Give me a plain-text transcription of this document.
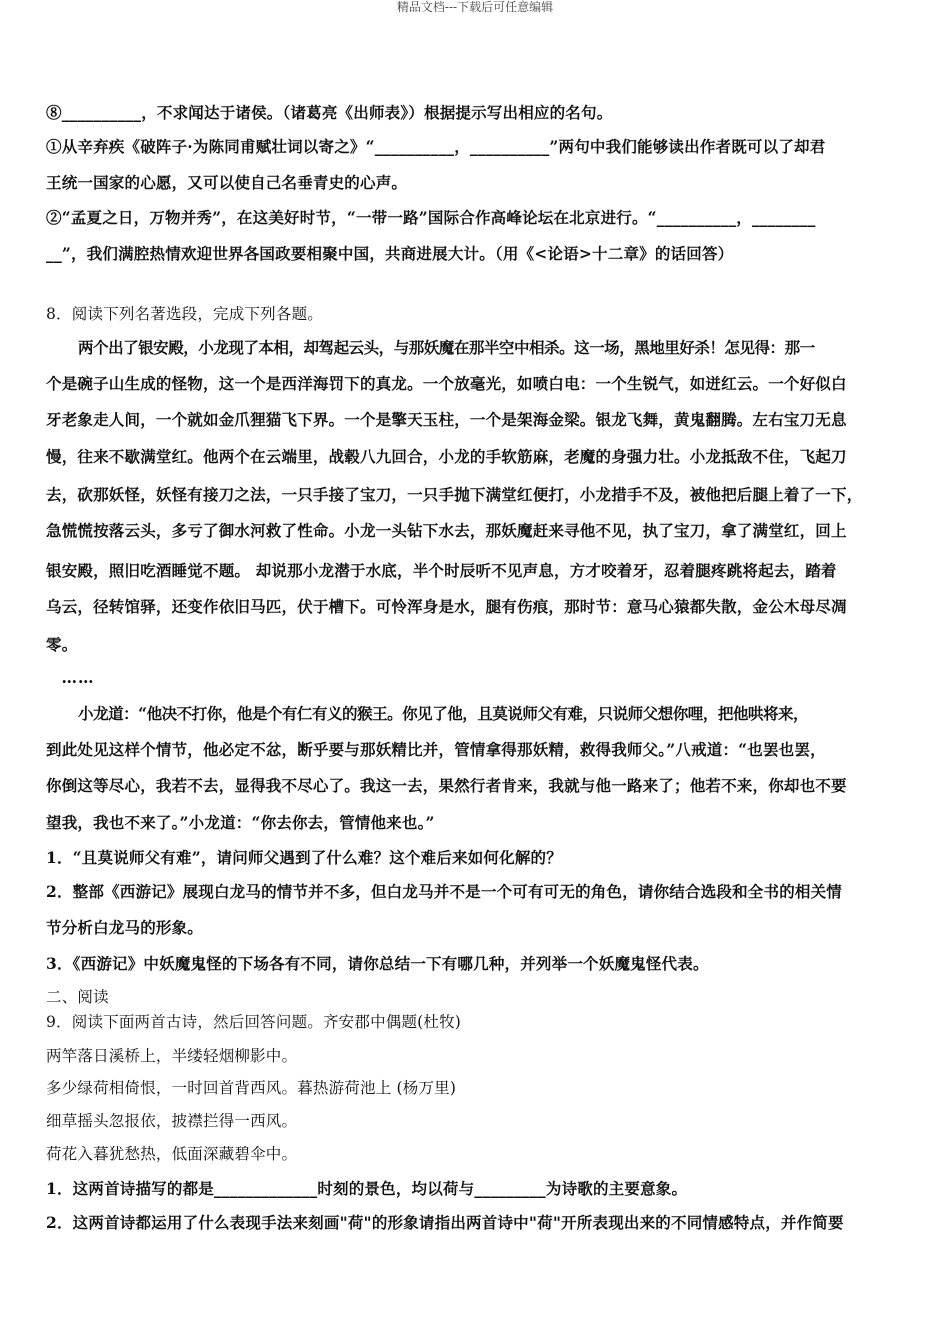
精品文档---下载后可任意编辑
⑧__________，不求闻达于诸侯。（诸葛亮《出师表》）根据提示写出相应的名句。
①从辛弃疾《破阵子·为陈同甫赋壮词以寄之》“__________，__________”两句中我们能够读出作者既可以了却君
王统一国家的心愿，又可以使自己名垂青史的心声。
②“孟夏之日，万物并秀”，在这美好时节，“一带一路”国际合作高峰论坛在北京进行。“__________，________
__”，我们满腔热情欢迎世界各国政要相聚中国，共商进展大计。（用《<论语>十二章》的话回答）
8．阅读下列名著选段，完成下列各题。
两个出了银安殿，小龙现了本相，却驾起云头，与那妖魔在那半空中相杀。这一场，黑地里好杀！怎见得：那一
个是碗子山生成的怪物，这一个是西洋海罚下的真龙。一个放毫光，如喷白电：一个生锐气，如迸红云。一个好似白
牙老象走人间，一个就如金爪狸猫飞下界。一个是擎天玉柱，一个是架海金梁。银龙飞舞，黄鬼翻腾。左右宝刀无息
慢，往来不歇满堂红。他两个在云端里，战毂八九回合，小龙的手软筋麻，老魔的身强力壮。小龙抵敌不住，飞起刀
去，砍那妖怪，妖怪有接刀之法，一只手接了宝刀，一只手抛下满堂红便打，小龙措手不及，被他把后腿上着了一下，
急慌慌按落云头，多亏了御水河救了性命。小龙一头钻下水去，那妖魔赶来寻他不见，执了宝刀，拿了满堂红，回上
银安殿，照旧吃酒睡觉不题。 却说那小龙潜于水底，半个时辰听不见声息，方才咬着牙，忍着腿疼跳将起去，踏着
乌云，径转馆驿，还变作依旧马匹，伏于槽下。可怜浑身是水，腿有伤痕，那时节：意马心猿都失散，金公木母尽凋
零。
小龙道：“他决不打你，他是个有仁有义的猴王。你见了他，且莫说师父有难，只说师父想你哩，把他哄将来，
到此处见这样个情节，他必定不忿，断乎要与那妖精比并，管情拿得那妖精，救得我师父。”八戒道：“也罢也罢，
你倒这等尽心，我若不去，显得我不尽心了。我这一去，果然行者肯来，我就与他一路来了；他若不来，你却也不要
望我，我也不来了。”小龙道：“你去你去，管情他来也。”
1．“且莫说师父有难”，请问师父遇到了什么难？这个难后来如何化解的？
2．整部《西游记》展现白龙马的情节并不多，但白龙马并不是一个可有可无的角色，请你结合选段和全书的相关情
节分析白龙马的形象。
3．《西游记》中妖魔鬼怪的下场各有不同，请你总结一下有哪几种，并列举一个妖魔鬼怪代表。
二、阅读
9．阅读下面两首古诗，然后回答问题。齐安郡中偶题(杜牧)
两竿落日溪桥上，半缕轻烟柳影中。
多少绿荷相倚恨，一时回首背西风。暮热游荷池上 (杨万里)
细草摇头忽报依，披襟拦得一西风。
荷花入暮犹愁热，低面深藏碧伞中。
1．这两首诗描写的都是_____________时刻的景色，均以荷与_________为诗歌的主要意象。
2．这两首诗都运用了什么表现手法来刻画"荷"的形象请指出两首诗中"荷"开所表现出来的不同情感特点，并作简要
